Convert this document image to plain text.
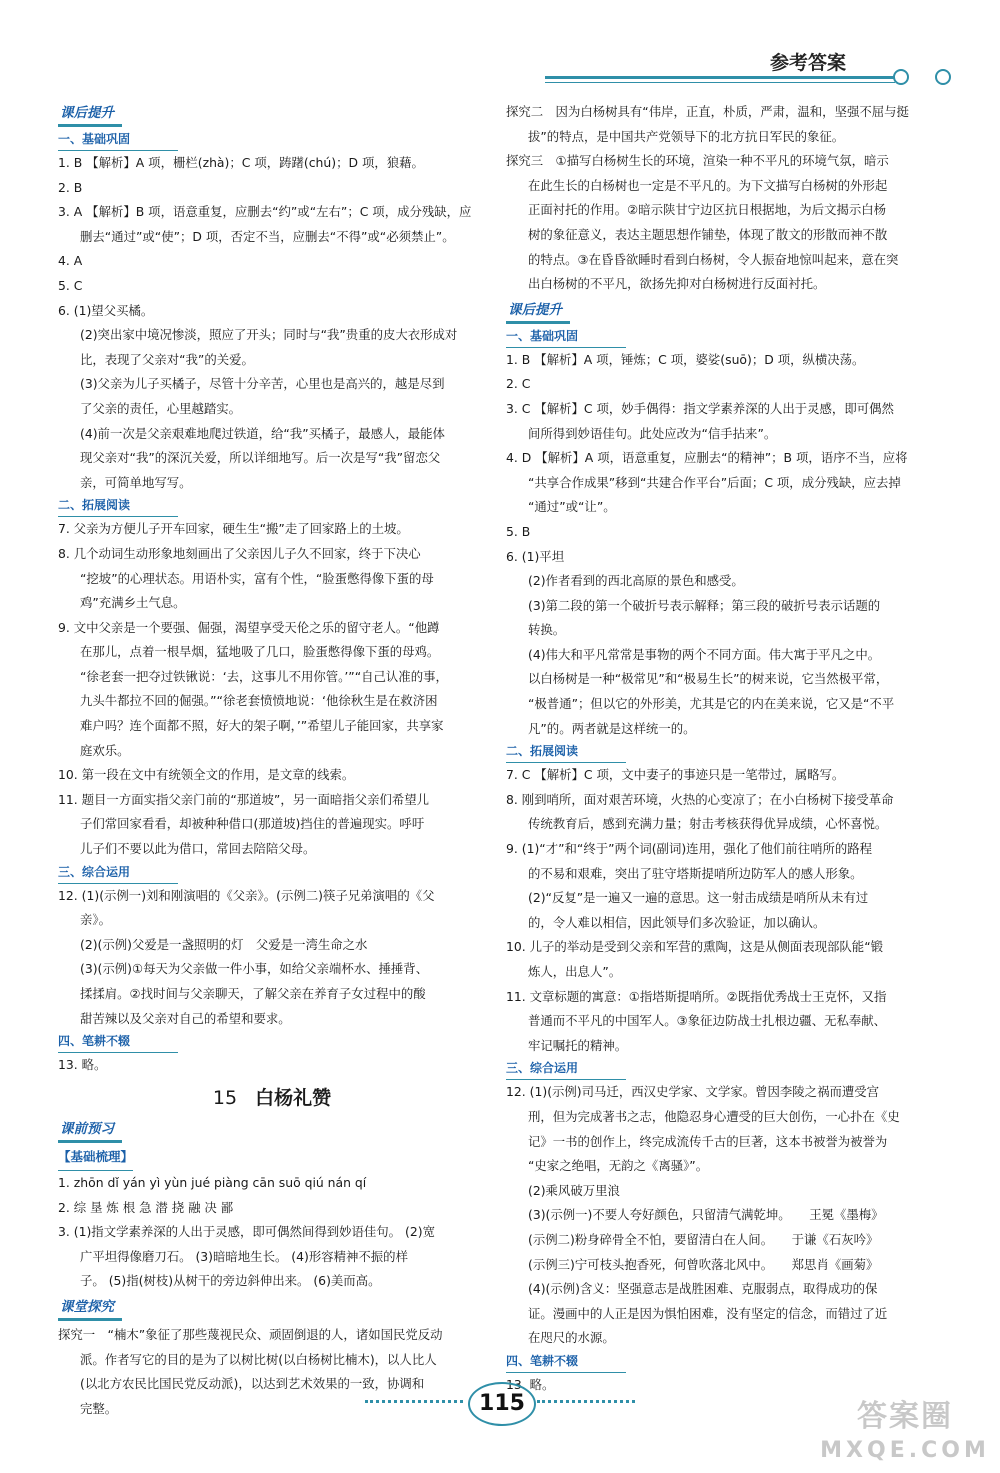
参考答案

课后提升

一、基础巩固

1. B 【解析】A 项，栅栏(zhà)；C 项，踌躇(chú)；D 项，狼藉。

2. B

3. A 【解析】B 项，语意重复，应删去“约”或“左右”；C 项，成分残缺，应

删去“通过”或“使”；D 项，否定不当，应删去“不得”或“必须禁止”。

4. A

5. C

6. (1)望父买橘。

(2)突出家中境况惨淡，照应了开头；同时与“我”贵重的皮大衣形成对

比，表现了父亲对“我”的关爱。

(3)父亲为儿子买橘子，尽管十分辛苦，心里也是高兴的，越是尽到

了父亲的责任，心里越踏实。

(4)前一次是父亲艰难地爬过铁道，给“我”买橘子，最感人，最能体

现父亲对“我”的深沉关爱，所以详细地写。后一次是写“我”留恋父

亲，可简单地写写。

二、拓展阅读

7. 父亲为方便儿子开车回家，硬生生“搬”走了回家路上的土坡。

8. 几个动词生动形象地刻画出了父亲因儿子久不回家，终于下决心

“挖坡”的心理状态。用语朴实，富有个性，“脸蛋憋得像下蛋的母

鸡”充满乡土气息。

9. 文中父亲是一个要强、倔强，渴望享受天伦之乐的留守老人。“他蹲

在那儿，点着一根旱烟，猛地吸了几口，脸蛋憋得像下蛋的母鸡。

“徐老套一把夺过铁锹说：‘去，这事儿不用你管。’”“自己认准的事，

九头牛都拉不回的倔强。”“徐老套愤愤地说：‘他徐秋生是在救济困

难户吗？连个面都不照，好大的架子啊，’”希望儿子能回家，共享家

庭欢乐。

10. 第一段在文中有统领全文的作用，是文章的线索。

11. 题目一方面实指父亲门前的“那道坡”，另一面暗指父亲们希望儿

子们常回家看看，却被种种借口(那道坡)挡住的普遍现实。呼吁

儿子们不要以此为借口，常回去陪陪父母。

三、综合运用

12. (1)(示例一)刘和刚演唱的《父亲》。(示例二)筷子兄弟演唱的《父

亲》。

(2)(示例)父爱是一盏照明的灯　父爱是一湾生命之水

(3)(示例)①每天为父亲做一件小事，如给父亲端杯水、捶捶背、

揉揉肩。②找时间与父亲聊天，了解父亲在养育子女过程中的酸

甜苦辣以及父亲对自己的希望和要求。

四、笔耕不辍

13. 略。

15 白杨礼赞

课前预习

【基础梳理】

1. zhōn dǐ yán yì yùn jué piàng cān suō qiú nán qí

2. 综 垦 炼 根 急 潜 挠 融 决 鄙

3. (1)指文学素养深的人出于灵感，即可偶然间得到妙语佳句。 (2)宽

广平坦得像磨刀石。 (3)暗暗地生长。 (4)形容精神不振的样

子。 (5)指(树枝)从树干的旁边斜伸出来。 (6)美而高。

课堂探究

探究一　“楠木”象征了那些蔑视民众、顽固倒退的人，诸如国民党反动

派。作者写它的目的是为了以树比树(以白杨树比楠木)，以人比人

(以北方农民比国民党反动派)，以达到艺术效果的一致，协调和

完整。

探究二　因为白杨树具有“伟岸，正直，朴质，严肃，温和，坚强不屈与挺

拔”的特点，是中国共产党领导下的北方抗日军民的象征。

探究三　①描写白杨树生长的环境，渲染一种不平凡的环境气氛，暗示

在此生长的白杨树也一定是不平凡的。为下文描写白杨树的外形起

正面衬托的作用。②暗示陕甘宁边区抗日根据地，为后文揭示白杨

树的象征意义，表达主题思想作铺垫，体现了散文的形散而神不散

的特点。③在昏昏欲睡时看到白杨树，令人振奋地惊叫起来，意在突

出白杨树的不平凡，欲扬先抑对白杨树进行反面衬托。

课后提升

一、基础巩固

1. B 【解析】A 项，锤炼；C 项，婆娑(suō)；D 项，纵横决荡。

2. C

3. C 【解析】C 项，妙手偶得：指文学素养深的人出于灵感，即可偶然

间所得到妙语佳句。此处应改为“信手拈来”。

4. D 【解析】A 项，语意重复，应删去“的精神”；B 项，语序不当，应将

“共享合作成果”移到“共建合作平台”后面；C 项，成分残缺，应去掉

“通过”或“让”。

5. B

6. (1)平坦

(2)作者看到的西北高原的景色和感受。

(3)第二段的第一个破折号表示解释；第三段的破折号表示话题的

转换。

(4)伟大和平凡常常是事物的两个不同方面。伟大寓于平凡之中。

以白杨树是一种“极常见”和“极易生长”的树来说，它当然极平常，

“极普通”；但以它的外形美，尤其是它的内在美来说，它又是“不平

凡”的。两者就是这样统一的。

二、拓展阅读

7. C 【解析】C 项，文中妻子的事迹只是一笔带过，属略写。

8. 刚到哨所，面对艰苦环境，火热的心变凉了；在小白杨树下接受革命

传统教育后，感到充满力量；射击考核获得优异成绩，心怀喜悦。

9. (1)“才”和“终于”两个词(副词)连用，强化了他们前往哨所的路程

的不易和艰难，突出了驻守塔斯提哨所边防军人的感人形象。

(2)“反复”是一遍又一遍的意思。这一射击成绩是哨所从未有过

的，令人难以相信，因此领导们多次验证，加以确认。

10. 儿子的举动是受到父亲和军营的熏陶，这是从侧面表现部队能“锻

炼人，出息人”。

11. 文章标题的寓意：①指塔斯提哨所。②既指优秀战士王克怀，又指

普通而不平凡的中国军人。③象征边防战士扎根边疆、无私奉献、

牢记嘱托的精神。

三、综合运用

12. (1)(示例)司马迁，西汉史学家、文学家。曾因李陵之祸而遭受宫

刑，但为完成著书之志，他隐忍身心遭受的巨大创伤，一心扑在《史

记》一书的创作上，终完成流传千古的巨著，这本书被誉为被誉为

“史家之绝唱，无韵之《离骚》”。

(2)乘风破万里浪

(3)(示例一)不要人夸好颜色，只留清气满乾坤。　　王冕《墨梅》

(示例二)粉身碎骨全不怕，要留清白在人间。　　于谦《石灰吟》

(示例三)宁可枝头抱香死，何曾吹落北风中。　　郑思肖《画菊》

(4)(示例)含义：坚强意志是战胜困难、克服弱点，取得成功的保

证。漫画中的人正是因为惧怕困难，没有坚定的信念，而错过了近

在咫尺的水源。

四、笔耕不辍

13. 略。

115	答案圈
MXQE.COM
